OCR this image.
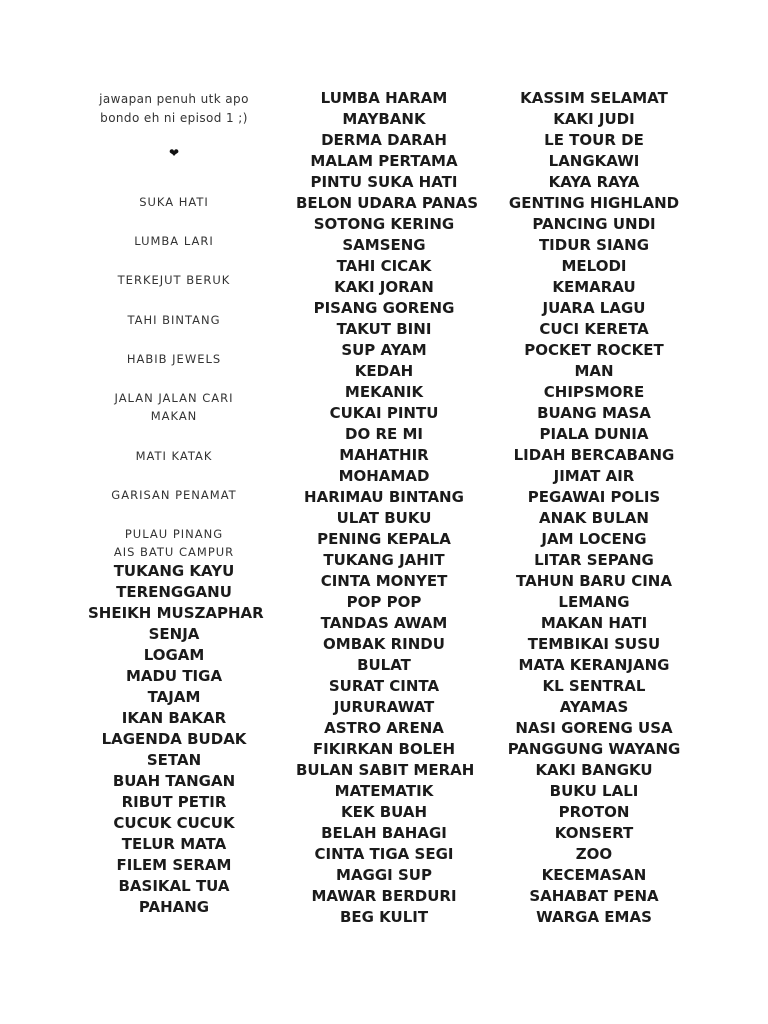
jawapan penuh utk apo
bondo eh ni episod 1 ;)
❤
SUKA HATI
LUMBA LARI
TERKEJUT BERUK
TAHI BINTANG
HABIB JEWELS
JALAN JALAN CARI
MAKAN
MATI KATAK
GARISAN PENAMAT
PULAU PINANG
AIS BATU CAMPUR
TUKANG KAYU
TERENGGANU
SHEIKH MUSZAPHAR
SENJA
LOGAM
MADU TIGA
TAJAM
IKAN BAKAR
LAGENDA BUDAK
SETAN
BUAH TANGAN
RIBUT PETIR
CUCUK CUCUK
TELUR MATA
FILEM SERAM
BASIKAL TUA
PAHANG
LUMBA HARAM
MAYBANK
DERMA DARAH
MALAM PERTAMA
PINTU SUKA HATI
BELON UDARA PANAS
SOTONG KERING
SAMSENG
TAHI CICAK
KAKI JORAN
PISANG GORENG
TAKUT BINI
SUP AYAM
KEDAH
MEKANIK
CUKAI PINTU
DO RE MI
MAHATHIR
MOHAMAD
HARIMAU BINTANG
ULAT BUKU
PENING KEPALA
TUKANG JAHIT
CINTA MONYET
POP POP
TANDAS AWAM
OMBAK RINDU
BULAT
SURAT CINTA
JURURAWAT
ASTRO ARENA
FIKIRKAN BOLEH
BULAN SABIT MERAH
MATEMATIK
KEK BUAH
BELAH BAHAGI
CINTA TIGA SEGI
MAGGI SUP
MAWAR BERDURI
BEG KULIT
KASSIM SELAMAT
KAKI JUDI
LE TOUR DE
LANGKAWI
KAYA RAYA
GENTING HIGHLAND
PANCING UNDI
TIDUR SIANG
MELODI
KEMARAU
JUARA LAGU
CUCI KERETA
POCKET ROCKET
MAN
CHIPSMORE
BUANG MASA
PIALA DUNIA
LIDAH BERCABANG
JIMAT AIR
PEGAWAI POLIS
ANAK BULAN
JAM LOCENG
LITAR SEPANG
TAHUN BARU CINA
LEMANG
MAKAN HATI
TEMBIKAI SUSU
MATA KERANJANG
KL SENTRAL
AYAMAS
NASI GORENG USA
PANGGUNG WAYANG
KAKI BANGKU
BUKU LALI
PROTON
KONSERT
ZOO
KECEMASAN
SAHABAT PENA
WARGA EMAS
